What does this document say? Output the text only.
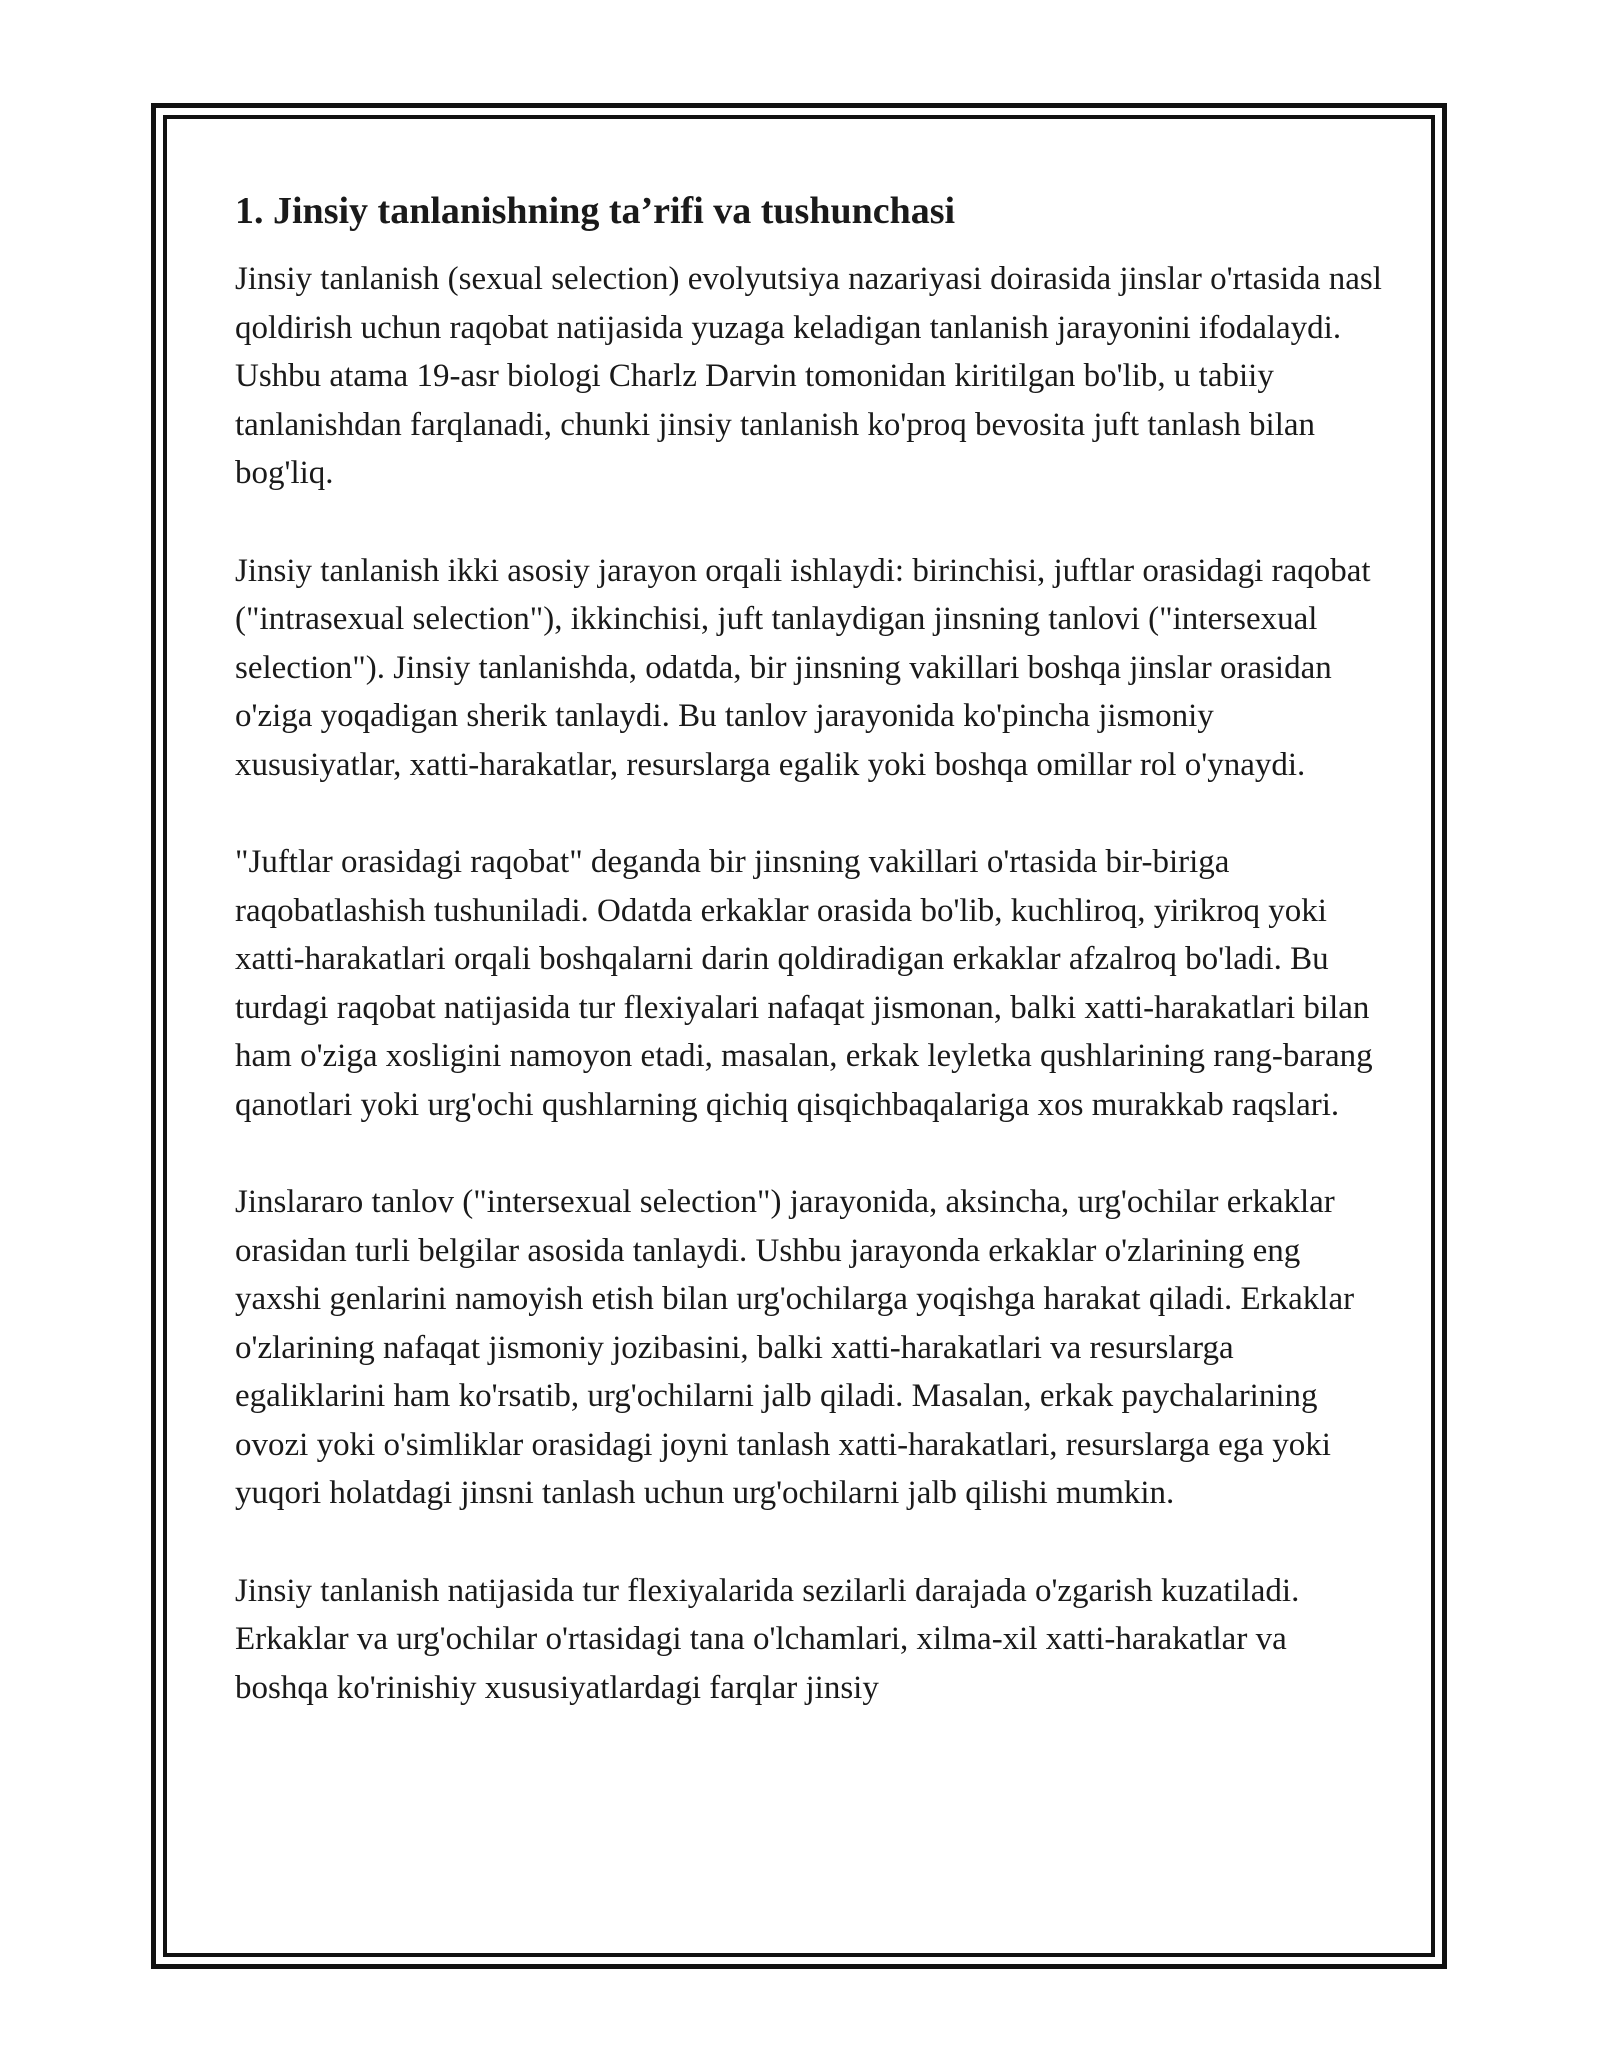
1. Jinsiy tanlanishning ta’rifi va tushunchasi

Jinsiy tanlanish (sexual selection) evolyutsiya nazariyasi doirasida jinslar o'rtasida nasl qoldirish uchun raqobat natijasida yuzaga keladigan tanlanish jarayonini ifodalaydi. Ushbu atama 19-asr biologi Charlz Darvin tomonidan kiritilgan bo'lib, u tabiiy tanlanishdan farqlanadi, chunki jinsiy tanlanish ko'proq bevosita juft tanlash bilan bog'liq.

Jinsiy tanlanish ikki asosiy jarayon orqali ishlaydi: birinchisi, juftlar orasidagi raqobat ("intrasexual selection"), ikkinchisi, juft tanlaydigan jinsning tanlovi ("intersexual selection"). Jinsiy tanlanishda, odatda, bir jinsning vakillari boshqa jinslar orasidan o'ziga yoqadigan sherik tanlaydi. Bu tanlov jarayonida ko'pincha jismoniy xususiyatlar, xatti-harakatlar, resurslarga egalik yoki boshqa omillar rol o'ynaydi.

"Juftlar orasidagi raqobat" deganda bir jinsning vakillari o'rtasida bir-biriga raqobatlashish tushuniladi. Odatda erkaklar orasida bo'lib, kuchliroq, yirikroq yoki xatti-harakatlari orqali boshqalarni darin qoldiradigan erkaklar afzalroq bo'ladi. Bu turdagi raqobat natijasida tur flexiyalari nafaqat jismonan, balki xatti-harakatlari bilan ham o'ziga xosligini namoyon etadi, masalan, erkak leyletka qushlarining rang-barang qanotlari yoki urg'ochi qushlarning qichiq qisqichbaqalariga xos murakkab raqslari.

Jinslararo tanlov ("intersexual selection") jarayonida, aksincha, urg'ochilar erkaklar orasidan turli belgilar asosida tanlaydi. Ushbu jarayonda erkaklar o'zlarining eng yaxshi genlarini namoyish etish bilan urg'ochilarga yoqishga harakat qiladi. Erkaklar o'zlarining nafaqat jismoniy jozibasini, balki xatti-harakatlari va resurslarga egaliklarini ham ko'rsatib, urg'ochilarni jalb qiladi. Masalan, erkak paychalarining ovozi yoki o'simliklar orasidagi joyni tanlash xatti-harakatlari, resurslarga ega yoki yuqori holatdagi jinsni tanlash uchun urg'ochilarni jalb qilishi mumkin.

Jinsiy tanlanish natijasida tur flexiyalarida sezilarli darajada o'zgarish kuzatiladi. Erkaklar va urg'ochilar o'rtasidagi tana o'lchamlari, xilma-xil xatti-harakatlar va boshqa ko'rinishiy xususiyatlardagi farqlar jinsiy
